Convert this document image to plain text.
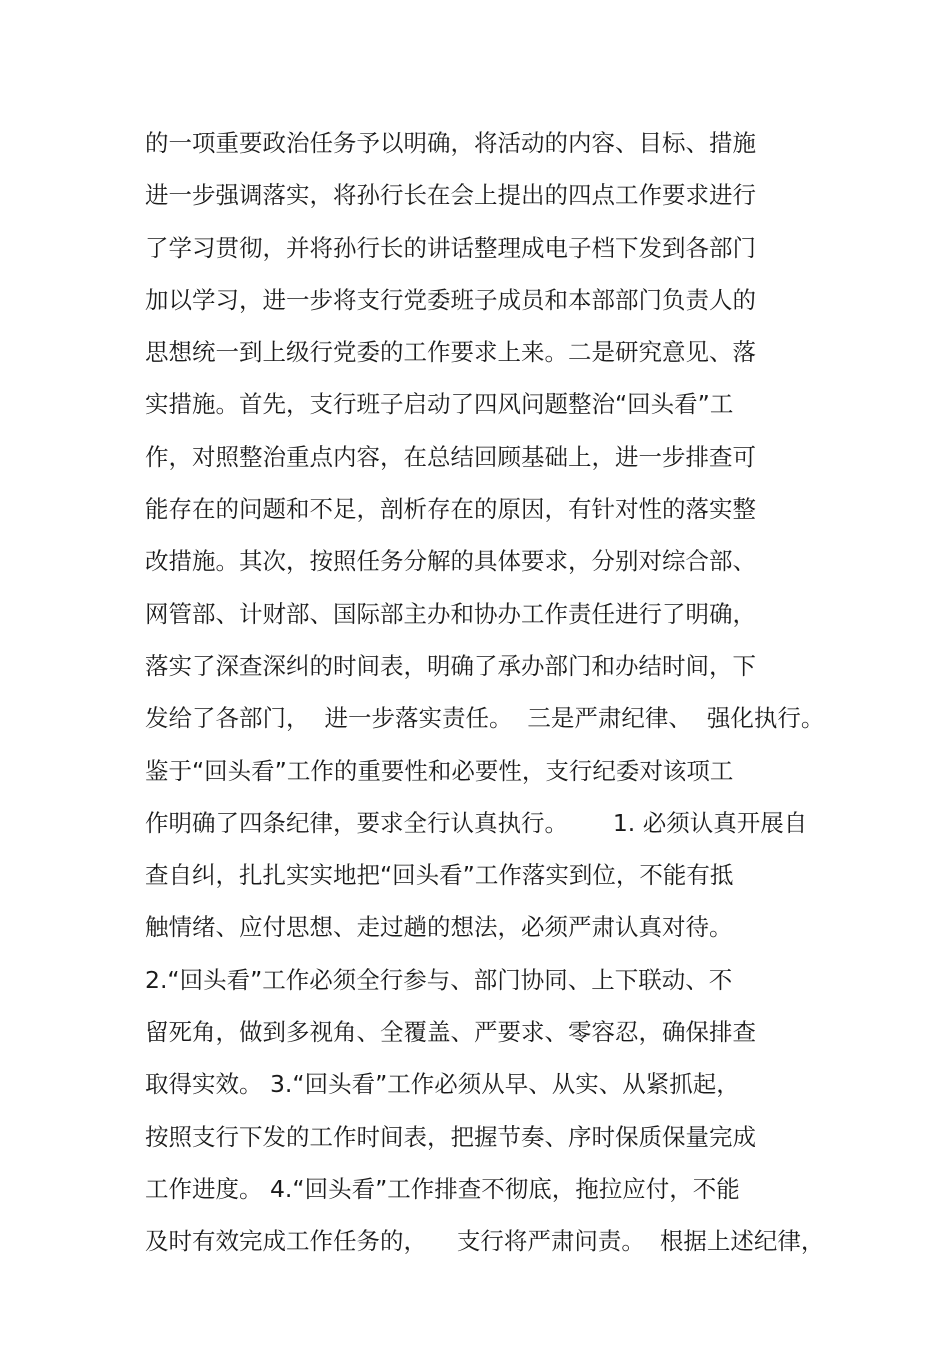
的一项重要政治任务予以明确，将活动的内容、目标、措施
进一步强调落实，将孙行长在会上提出的四点工作要求进行
了学习贯彻，并将孙行长的讲话整理成电子档下发到各部门
加以学习，进一步将支行党委班子成员和本部部门负责人的
思想统一到上级行党委的工作要求上来。二是研究意见、落
实措施。首先，支行班子启动了四风问题整治“回头看”工
作，对照整治重点内容，在总结回顾基础上，进一步排查可
能存在的问题和不足，剖析存在的原因，有针对性的落实整
改措施。其次，按照任务分解的具体要求，分别对综合部、
网管部、计财部、国际部主办和协办工作责任进行了明确，
落实了深查深纠的时间表，明确了承办部门和办结时间，下
发给了各部门，  进一步落实责任。  三是严肃纪律、  强化执行。
鉴于“回头看”工作的重要性和必要性，支行纪委对该项工
作明确了四条纪律，要求全行认真执行。      1. 必须认真开展自
查自纠，扎扎实实地把“回头看”工作落实到位，不能有抵
触情绪、应付思想、走过趟的想法，必须严肃认真对待。
2.“回头看”工作必须全行参与、部门协同、上下联动、不
留死角，做到多视角、全覆盖、严要求、零容忍，确保排查
取得实效。 3.“回头看”工作必须从早、从实、从紧抓起，
按照支行下发的工作时间表，把握节奏、序时保质保量完成
工作进度。 4.“回头看”工作排查不彻底，拖拉应付，不能
及时有效完成工作任务的，    支行将严肃问责。  根据上述纪律，
